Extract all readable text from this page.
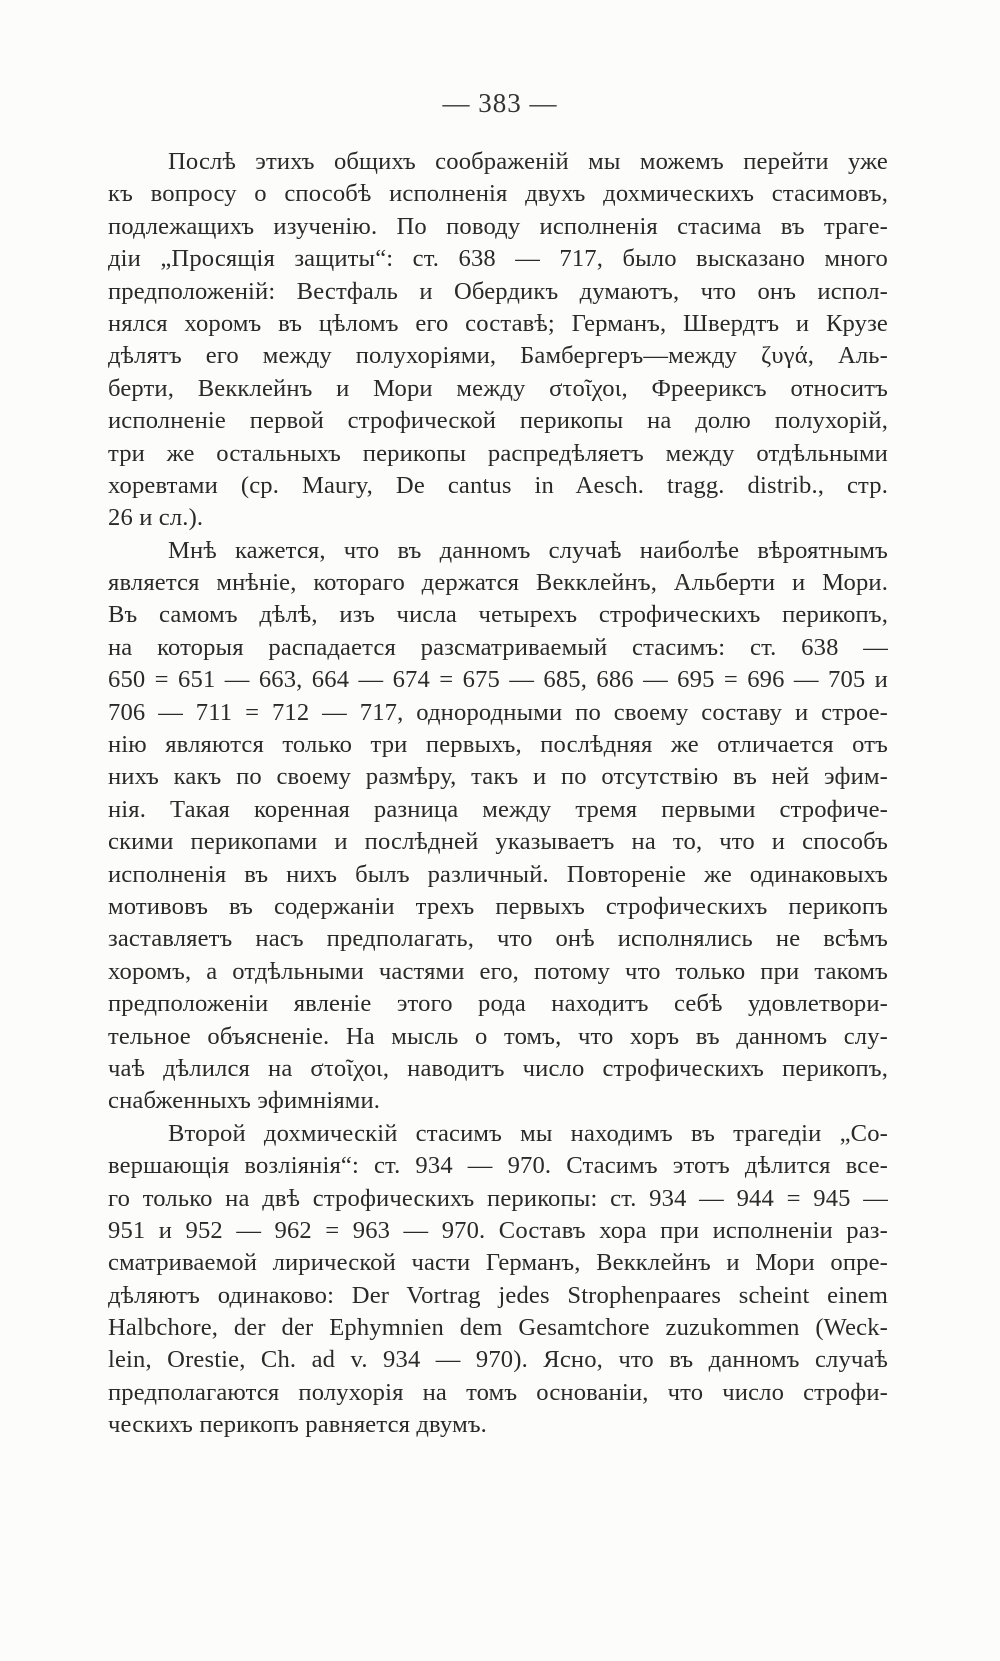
— 383 —
Послѣ этихъ общихъ соображеній мы можемъ перейти уже
къ вопросу о способѣ исполненія двухъ дохмическихъ стасимовъ,
подлежащихъ изученію. По поводу исполненія стасима въ траге-
діи „Просящія защиты“: ст. 638 — 717, было высказано много
предположеній: Вестфаль и Обердикъ думаютъ, что онъ испол-
нялся хоромъ въ цѣломъ его составѣ; Германъ, Швердтъ и Крузе
дѣлятъ его между полухоріями, Бамбергеръ—между ζυγά, Аль-
берти, Векклейнъ и Мори между στοῖχοι, Фреериксъ относитъ
исполненіе первой строфической перикопы на долю полухорій,
три же остальныхъ перикопы распредѣляетъ между отдѣльными
хоревтами (ср. Maury, De cantus in Aesch. tragg. distrib., стр.
26 и сл.).
Мнѣ кажется, что въ данномъ случаѣ наиболѣе вѣроятнымъ
является мнѣніе, котораго держатся Векклейнъ, Альберти и Мори.
Въ самомъ дѣлѣ, изъ числа четырехъ строфическихъ перикопъ,
на которыя распадается разсматриваемый стасимъ: ст. 638 —
650 = 651 — 663, 664 — 674 = 675 — 685, 686 — 695 = 696 — 705 и
706 — 711 = 712 — 717, однородными по своему составу и строе-
нію являются только три первыхъ, послѣдняя же отличается отъ
нихъ какъ по своему размѣру, такъ и по отсутствію въ ней эфим-
нія. Такая коренная разница между тремя первыми строфиче-
скими перикопами и послѣдней указываетъ на то, что и способъ
исполненія въ нихъ былъ различный. Повтореніе же одинаковыхъ
мотивовъ въ содержаніи трехъ первыхъ строфическихъ перикопъ
заставляетъ насъ предполагать, что онѣ исполнялись не всѣмъ
хоромъ, а отдѣльными частями его, потому что только при такомъ
предположеніи явленіе этого рода находитъ себѣ удовлетвори-
тельное объясненіе. На мысль о томъ, что хоръ въ данномъ слу-
чаѣ дѣлился на στοῖχοι, наводитъ число строфическихъ перикопъ,
снабженныхъ эфимніями.
Второй дохмическій стасимъ мы находимъ въ трагедіи „Со-
вершающія возліянія“: ст. 934 — 970. Стасимъ этотъ дѣлится все-
го только на двѣ строфическихъ перикопы: ст. 934 — 944 = 945 —
951 и 952 — 962 = 963 — 970. Составъ хора при исполненіи раз-
сматриваемой лирической части Германъ, Векклейнъ и Мори опре-
дѣляютъ одинаково: Der Vortrag jedes Strophenpaares scheint einem
Halbchore, der der Ephymnien dem Gesamtchore zuzukommen (Weck-
lein, Orestie, Ch. ad v. 934 — 970). Ясно, что въ данномъ случаѣ
предполагаются полухорія на томъ основаніи, что число строфи-
ческихъ перикопъ равняется двумъ.
